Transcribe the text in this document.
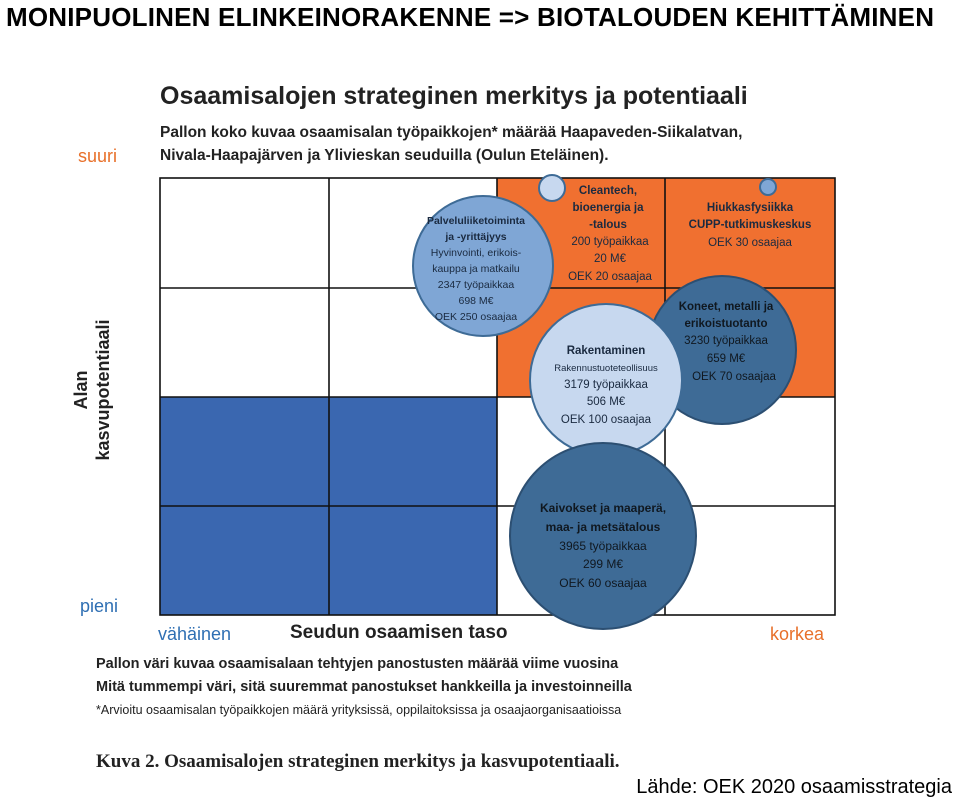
MONIPUOLINEN ELINKEINORAKENNE => BIOTALOUDEN KEHITTÄMINEN
Osaamisalojen strateginen merkitys ja potentiaali
Pallon koko kuvaa osaamisalan työpaikkojen* määrää Haapaveden-Siikalatvan,
Nivala-Haapajärven ja Ylivieskan seuduilla (Oulun Eteläinen).
suuri
pieni
Alan kasvupotentiaali
Palveluliiketoiminta
ja -yrittäjyys
Hyvinvointi, erikois-
kauppa ja matkailu
2347 työpaikkaa
698 M€
OEK 250 osaajaa
Cleantech,
bioenergia ja
-talous
200 työpaikkaa
20 M€
OEK 20 osaajaa
Hiukkasfysiikka
CUPP-tutkimuskeskus
OEK 30 osaajaa
Koneet, metalli ja
erikoistuotanto
3230 työpaikkaa
659 M€
OEK 70 osaajaa
Rakentaminen
Rakennustuoteteollisuus
3179 työpaikkaa
506 M€
OEK 100 osaajaa
Kaivokset ja maaperä,
maa- ja metsätalous
3965 työpaikkaa
299 M€
OEK 60 osaajaa
vähäinen	Seudun osaamisen taso	korkea
Pallon väri kuvaa osaamisalaan tehtyjen panostusten määrää viime vuosina
Mitä tummempi väri, sitä suuremmat panostukset hankkeilla ja investoinneilla
*Arvioitu osaamisalan työpaikkojen määrä yrityksissä, oppilaitoksissa ja osaajaorganisaatioissa
Kuva 2. Osaamisalojen strateginen merkitys ja kasvupotentiaali.
Lähde: OEK 2020 osaamisstrategia
